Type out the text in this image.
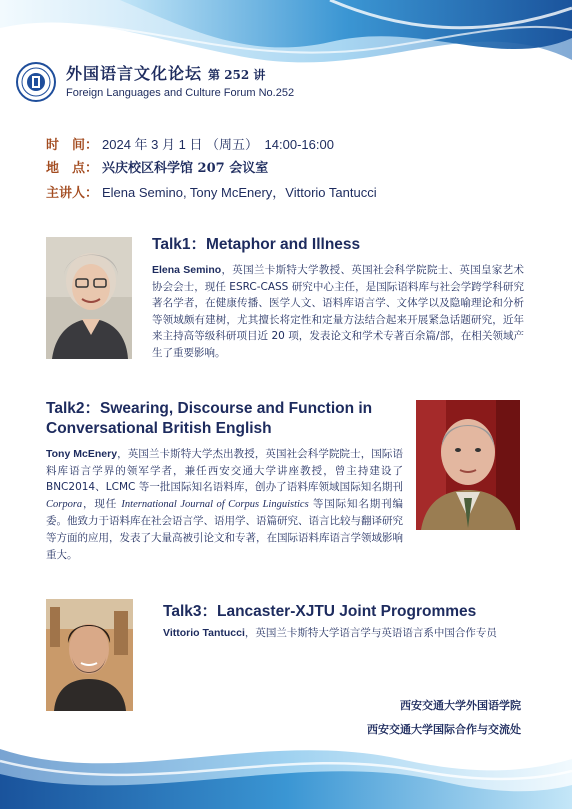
外国语言文化论坛 第 252 讲
Foreign Languages and Culture Forum No.252
时　间： 2024 年 3 月 1 日 （周五）　14:00-16:00
地　点： 兴庆校区科学馆 207 会议室
主讲人： Elena Semino, Tony McEnery，Vittorio Tantucci
Talk1：Metaphor and Illness
Elena Semino，英国兰卡斯特大学教授、英国社会科学院院士、英国皇家艺术协会会士，现任 ESRC-CASS 研究中心主任，是国际语料库与社会学跨学科研究著名学者，在健康传播、医学人文、语料库语言学、文体学以及隐喻理论和分析等领域颇有建树，尤其擅长将定性和定量方法结合起来开展紧急话题研究，近年来主持高等级科研项目近 20 项，发表论文和学术专著百余篇/部，在相关领域产生了重要影响。
Talk2：Swearing, Discourse and Function in
Conversational British English
Tony McEnery，英国兰卡斯特大学杰出教授，英国社会科学院院士，国际语料库语言学界的领军学者，兼任西安交通大学讲座教授，曾主持建设了 BNC2014、LCMC 等一批国际知名语料库，创办了语料库领域国际知名期刊 Corpora，现任 International Journal of Corpus Linguistics 等国际知名期刊编委。他致力于语料库在社会语言学、语用学、语篇研究、语言比较与翻译研究等方面的应用，发表了大量高被引论文和专著，在国际语料库语言学领域影响重大。
Talk3：Lancaster-XJTU Joint Progrommes
Vittorio Tantucci，英国兰卡斯特大学语言学与英语语言系中国合作专员
西安交通大学外国语学院
西安交通大学国际合作与交流处
